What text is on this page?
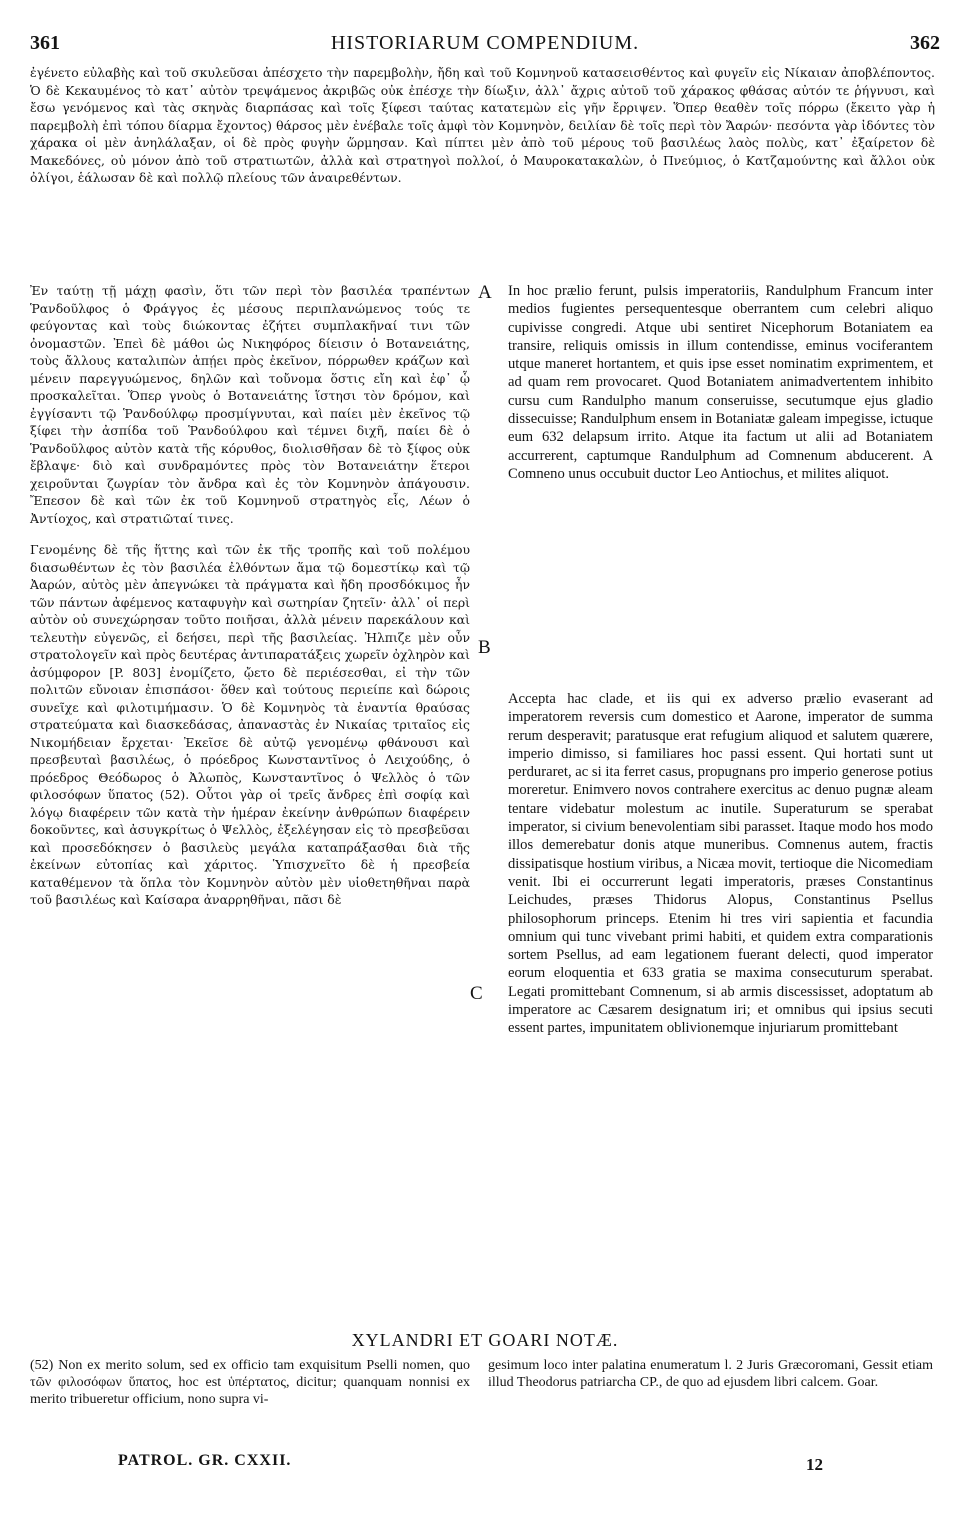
361	HISTORIARUM COMPENDIUM.	362
ἐγένετο εὐλαβὴς καὶ τοῦ σκυλεῦσαι ἀπέσχετο τὴν παρεμβολὴν, ἤδη καὶ τοῦ Κομνηνοῦ κατασεισθέντος καὶ φυγεῖν εἰς Νίκαιαν ἀποβλέποντος. Ὁ δὲ Κεκαυμένος τὸ κατ᾽ αὐτὸν τρεψάμενος ἀκριβῶς οὐκ ἐπέσχε τὴν δίωξιν, ἀλλ᾽ ἄχρις αὐτοῦ τοῦ χάρακος φθάσας αὐτόν τε ῥήγνυσι, καὶ ἔσω γενόμενος καὶ τὰς σκηνὰς διαρπάσας καὶ τοῖς ξίφεσι ταύτας κατατεμὼν εἰς γῆν ἔρριψεν. Ὅπερ θεαθὲν τοῖς πόρρω (ἔκειτο γὰρ ἡ παρεμβολὴ ἐπὶ τόπου δίαρμα ἔχοντος) θάρσος μὲν ἐνέβαλε τοῖς ἀμφὶ τὸν Κομνηνὸν, δειλίαν δὲ τοῖς περὶ τὸν Ἄαρών· πεσόντα γὰρ ἰδόντες τὸν χάρακα οἱ μὲν ἀνηλάλαξαν, οἱ δὲ πρὸς φυγὴν ὥρμησαν. Καὶ πίπτει μὲν ἀπὸ τοῦ μέρους τοῦ βασιλέως λαὸς πολὺς, κατ᾽ ἐξαίρετον δὲ Μακεδόνες, οὐ μόνον ἀπὸ τοῦ στρατιωτῶν, ἀλλὰ καὶ στρατηγοὶ πολλοί, ὁ Μαυροκατακαλὼν, ὁ Πνεύμιος, ὁ Κατζαμούντης καὶ ἄλλοι οὐκ ὀλίγοι, ἑάλωσαν δὲ καὶ πολλῷ πλείους τῶν ἀναιρεθέντων.
Ἐν ταύτῃ τῇ μάχῃ φασὶν, ὅτι τῶν περὶ τὸν βασιλέα τραπέντων Ῥανδοῦλφος ὁ Φράγγος ἐς μέσους περιπλανώμενος τούς τε φεύγοντας καὶ τοὺς διώκοντας ἐζήτει συμπλακῆναί τινι τῶν ὀνομαστῶν. Ἐπεὶ δὲ μάθοι ὡς Νικηφόρος δίεισιν ὁ Βοτανειάτης, τοὺς ἄλλους καταλιπὼν ἀπῄει πρὸς ἐκεῖνον, πόρρωθεν κράζων καὶ μένειν παρεγγυώμενος, δηλῶν καὶ τοὔνομα ὅστις εἴη καὶ ἐφ᾽ ᾧ προσκαλεῖται. Ὅπερ γνοὺς ὁ Βοτανειάτης ἵστησι τὸν δρόμον, καὶ ἐγγίσαντι τῷ Ῥανδούλφῳ προσμίγνυται, καὶ παίει μὲν ἐκεῖνος τῷ ξίφει τὴν ἀσπίδα τοῦ Ῥανδούλφου καὶ τέμνει διχῆ, παίει δὲ ὁ Ῥανδοῦλφος αὐτὸν κατὰ τῆς κόρυθος, διολισθῆσαν δὲ τὸ ξίφος οὐκ ἔβλαψε· διὸ καὶ συνδραμόντες πρὸς τὸν Βοτανειάτην ἕτεροι χειροῦνται ζωγρίαν τὸν ἄνδρα καὶ ἐς τὸν Κομνηνὸν ἀπάγουσιν. Ἔπεσον δὲ καὶ τῶν ἐκ τοῦ Κομνηνοῦ στρατηγὸς εἷς, Λέων ὁ Ἀντίοχος, καὶ στρατιῶταί τινες.
Γενομένης δὲ τῆς ἥττης καὶ τῶν ἐκ τῆς τροπῆς καὶ τοῦ πολέμου διασωθέντων ἐς τὸν βασιλέα ἐλθόντων ἅμα τῷ δομεστίκῳ καὶ τῷ Ἀαρών, αὐτὸς μὲν ἀπεγνώκει τὰ πράγματα καὶ ἤδη προσδόκιμος ἦν τῶν πάντων ἀφέμενος καταφυγὴν καὶ σωτηρίαν ζητεῖν· ἀλλ᾽ οἱ περὶ αὐτὸν οὐ συνεχώρησαν τοῦτο ποιῆσαι, ἀλλὰ μένειν παρεκάλουν καὶ τελευτὴν εὐγενῶς, εἰ δεήσει, περὶ τῆς βασιλείας. Ἠλπιζε μὲν οὖν στρατολογεῖν καὶ πρὸς δευτέρας ἀντιπαρατάξεις χωρεῖν ὀχληρὸν καὶ ἀσύμφορον [P. 803] ἐνομίζετο, ᾤετο δὲ περιέσεσθαι, εἰ τὴν τῶν πολιτῶν εὔνοιαν ἐπισπάσοι· ὅθεν καὶ τούτους περιείπε καὶ δώροις συνεῖχε καὶ φιλοτιμήμασιν. Ὁ δὲ Κομνηνὸς τὰ ἐναντία θραύσας στρατεύματα καὶ διασκεδάσας, ἀπαναστὰς ἐν Νικαίας τριταῖος εἰς Νικομήδειαν ἔρχεται· Ἐκεῖσε δὲ αὐτῷ γενομένῳ φθάνουσι καὶ πρεσβευταὶ βασιλέως, ὁ πρόεδρος Κωνσταντῖνος ὁ Λειχούδης, ὁ πρόεδρος Θεόδωρος ὁ Ἀλωπὸς, Κωνσταντῖνος ὁ Ψελλὸς ὁ τῶν φιλοσόφων ὕπατος (52). Οὗτοι γὰρ οἱ τρεῖς ἄνδρες ἐπὶ σοφίᾳ καὶ λόγῳ διαφέρειν τῶν κατὰ τὴν ἡμέραν ἐκείνην ἀνθρώπων διαφέρειν δοκοῦντες, καὶ ἀσυγκρίτως ὁ Ψελλὸς, ἐξελέγησαν εἰς τὸ πρεσβεῦσαι καὶ προσεδόκησεν ὁ βασιλεὺς μεγάλα καταπράξασθαι διὰ τῆς ἐκείνων εὐτοπίας καὶ χάριτος. Ὑπισχνεῖτο δὲ ἡ πρεσβεία καταθέμενον τὰ ὅπλα τὸν Κομνηνὸν αὐτὸν μὲν υἱοθετηθῆναι παρὰ τοῦ βασιλέως καὶ Καίσαρα ἀναρρηθῆναι, πᾶσι δὲ
A
B
C
In hoc prælio ferunt, pulsis imperatoriis, Randulphum Francum inter medios fugientes persequentesque oberrantem cum celebri aliquo cupivisse congredi. Atque ubi sentiret Nicephorum Botaniatem ea transire, reliquis omissis in illum contendisse, eminus vociferantem utque maneret hortantem, et quis ipse esset nominatim exprimentem, et ad quam rem provocaret. Quod Botaniatem animadvertentem inhibito cursu cum Randulpho manum conseruisse, secutumque ejus gladio dissecuisse; Randulphum ensem in Botaniatæ galeam impegisse, ictuque eum 632 delapsum irrito. Atque ita factum ut alii ad Botaniatem accurrerent, captumque Randulphum ad Comnenum abducerent. A Comneno unus occubuit ductor Leo Antiochus, et milites aliquot.
Accepta hac clade, et iis qui ex adverso prælio evaserant ad imperatorem reversis cum domestico et Aarone, imperator de summa rerum desperavit; paratusque erat refugium aliquod et salutem quærere, imperio dimisso, si familiares hoc passi essent. Qui hortati sunt ut perduraret, ac si ita ferret casus, propugnans pro imperio generose potius moreretur. Enimvero novos contrahere exercitus ac denuo pugnæ aleam tentare videbatur molestum ac inutile. Superaturum se sperabat imperator, si civium benevolentiam sibi parasset. Itaque modo hos modo illos demerebatur donis atque muneribus. Comnenus autem, fractis dissipatisque hostium viribus, a Nicæa movit, tertioque die Nicomediam venit. Ibi ei occurrerunt legati imperatoris, præses Constantinus Leichudes, præses Thidorus Alopus, Constantinus Psellus philosophorum princeps. Etenim hi tres viri sapientia et facundia omnium qui tunc vivebant primi habiti, et quidem extra comparationis sortem Psellus, ad eam legationem fuerant delecti, quod imperator eorum eloquentia et 633 gratia se maxima consecuturum sperabat. Legati promittebant Comnenum, si ab armis discessisset, adoptatum ab imperatore ac Cæsarem designatum iri; et omnibus qui ipsius secuti essent partes, impunitatem oblivionemque injuriarum promittebant
XYLANDRI ET GOARI NOTÆ.
(52) Non ex merito solum, sed ex officio tam exquisitum Pselli nomen, quo τῶν φιλοσόφων ὕπατος, hoc est ὑπέρτατος, dicitur; quanquam nonnisi ex merito tribueretur officium, nono supra vi-
gesimum loco inter palatina enumeratum l. 2 Juris Græcoromani, Gessit etiam illud Theodorus patriarcha CP., de quo ad ejusdem libri calcem. Goar.
PATROL. GR. CXXII.	12
